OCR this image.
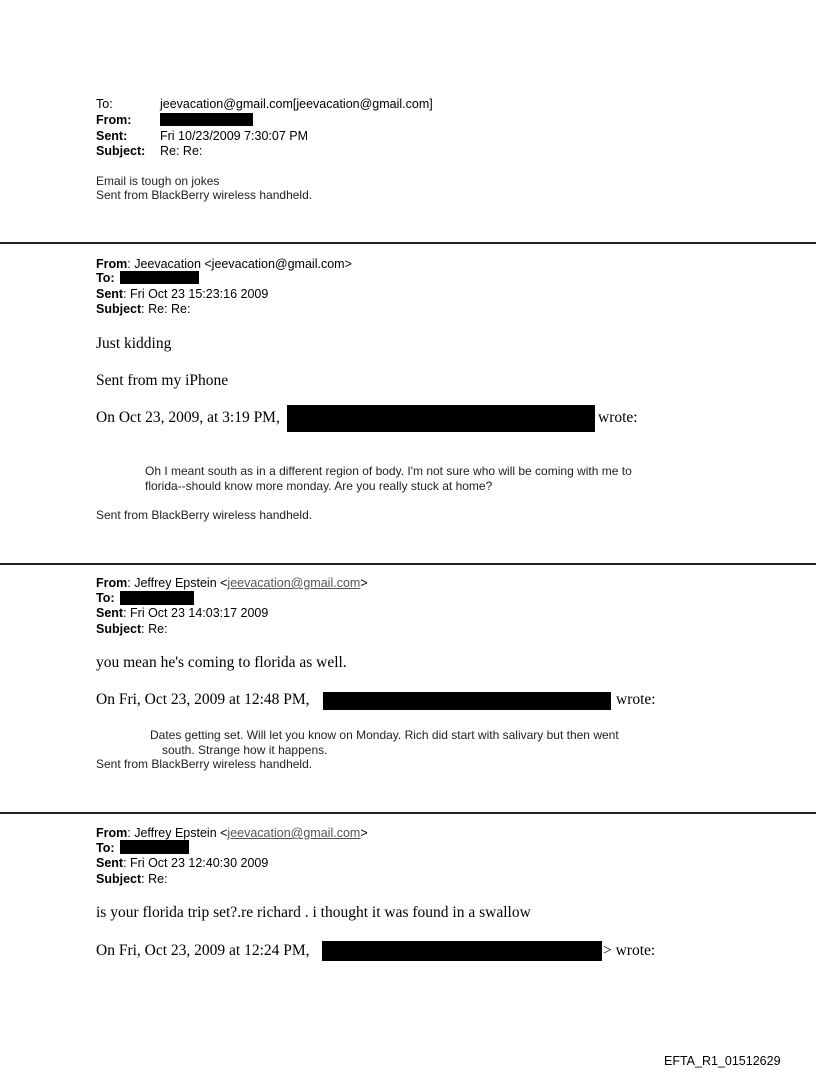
To:	jeevacation@gmail.com[jeevacation@gmail.com]
From:
Sent:	Fri 10/23/2009 7:30:07 PM
Subject: Re: Re:
Email is tough on jokes
Sent from BlackBerry wireless handheld.
From: Jeevacation <jeevacation@gmail.com>
To:
Sent: Fri Oct 23 15:23:16 2009
Subject: Re: Re:
Just kidding
Sent from my iPhone
On Oct 23, 2009, at 3:19 PM,	wrote:
Oh I meant south as in a different region of body. I'm not sure who will be coming with me to
florida--should know more monday. Are you really stuck at home?
Sent from BlackBerry wireless handheld.
From: Jeffrey Epstein <jeevacation@gmail.com>
To:
Sent: Fri Oct 23 14:03:17 2009
Subject: Re:
you mean he's coming to florida as well.
On Fri, Oct 23, 2009 at 12:48 PM,	wrote:
Dates getting set. Will let you know on Monday. Rich did start with salivary but then went
south. Strange how it happens.
Sent from BlackBerry wireless handheld.
From: Jeffrey Epstein <jeevacation@gmail.com>
To:
Sent: Fri Oct 23 12:40:30 2009
Subject: Re:
is your florida trip set?.re richard . i thought it was found in a swallow
On Fri, Oct 23, 2009 at 12:24 PM,	> wrote:
EFTA_R1_01512629
